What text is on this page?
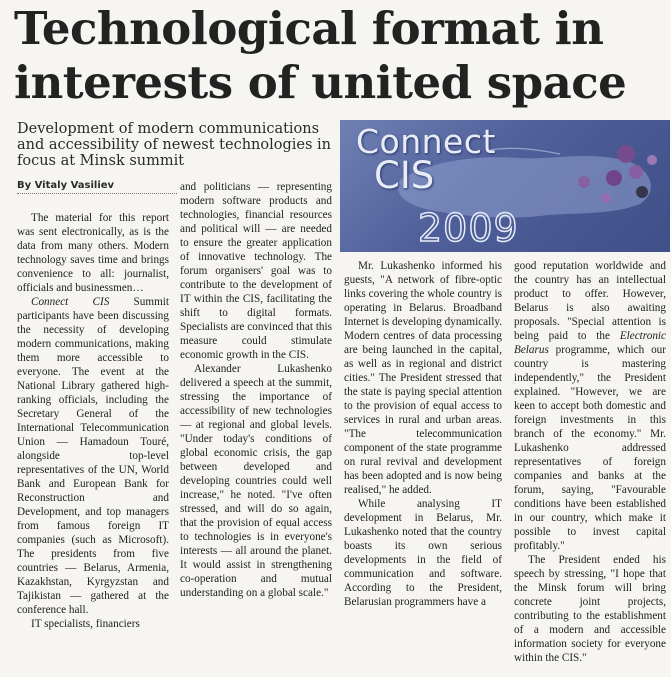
Technological format in interests of united space

Development of modern communications and accessibility of newest technologies in focus at Minsk summit

By Vitaly Vasiliev
Connect
CIS
2009

The material for this report was sent electronically, as is the data from many others. Modern technology saves time and brings convenience to all: journalist, officials and businessmen…

Connect CIS Summit participants have been discussing the necessity of developing modern communications, making them more accessible to everyone. The event at the National Library gathered high-ranking officials, including the Secretary General of the International Telecommunication Union — Hamadoun Touré, alongside top-level representatives of the UN, World Bank and European Bank for Reconstruction and Development, and top managers from famous foreign IT companies (such as Microsoft). The presidents from five countries — Belarus, Armenia, Kazakhstan, Kyrgyzstan and Tajikistan — gathered at the conference hall.

IT specialists, financiers

and politicians — representing modern software products and technologies, financial resources and political will — are needed to ensure the greater application of innovative technology. The forum organisers' goal was to contribute to the development of IT within the CIS, facilitating the shift to digital formats. Specialists are convinced that this measure could stimulate economic growth in the CIS.

Alexander Lukashenko delivered a speech at the summit, stressing the importance of accessibility of new technologies — at regional and global levels. "Under today's conditions of global economic crisis, the gap between developed and developing countries could well increase," he noted. "I've often stressed, and will do so again, that the provision of equal access to technologies is in everyone's interests — all around the planet. It would assist in strengthening co-operation and mutual understanding on a global scale."

Mr. Lukashenko informed his guests, "A network of fibre-optic links covering the whole country is operating in Belarus. Broadband Internet is developing dynamically. Modern centres of data processing are being launched in the capital, as well as in regional and district cities." The President stressed that the state is paying special attention to the provision of equal access to services in rural and urban areas. "The telecommunication component of the state programme on rural revival and development has been adopted and is now being realised," he added.

While analysing IT development in Belarus, Mr. Lukashenko noted that the country boasts its own serious developments in the field of communication and software. According to the President, Belarusian programmers have a

good reputation worldwide and the country has an intellectual product to offer. However, Belarus is also awaiting proposals. "Special attention is being paid to the Electronic Belarus programme, which our country is mastering independently," the President explained. "However, we are keen to accept both domestic and foreign investments in this branch of the economy." Mr. Lukashenko addressed representatives of foreign companies and banks at the forum, saying, "Favourable conditions have been established in our country, which make it possible to invest capital profitably."

The President ended his speech by stressing, "I hope that the Minsk forum will bring concrete joint projects, contributing to the establishment of a modern and accessible information society for everyone within the CIS."
